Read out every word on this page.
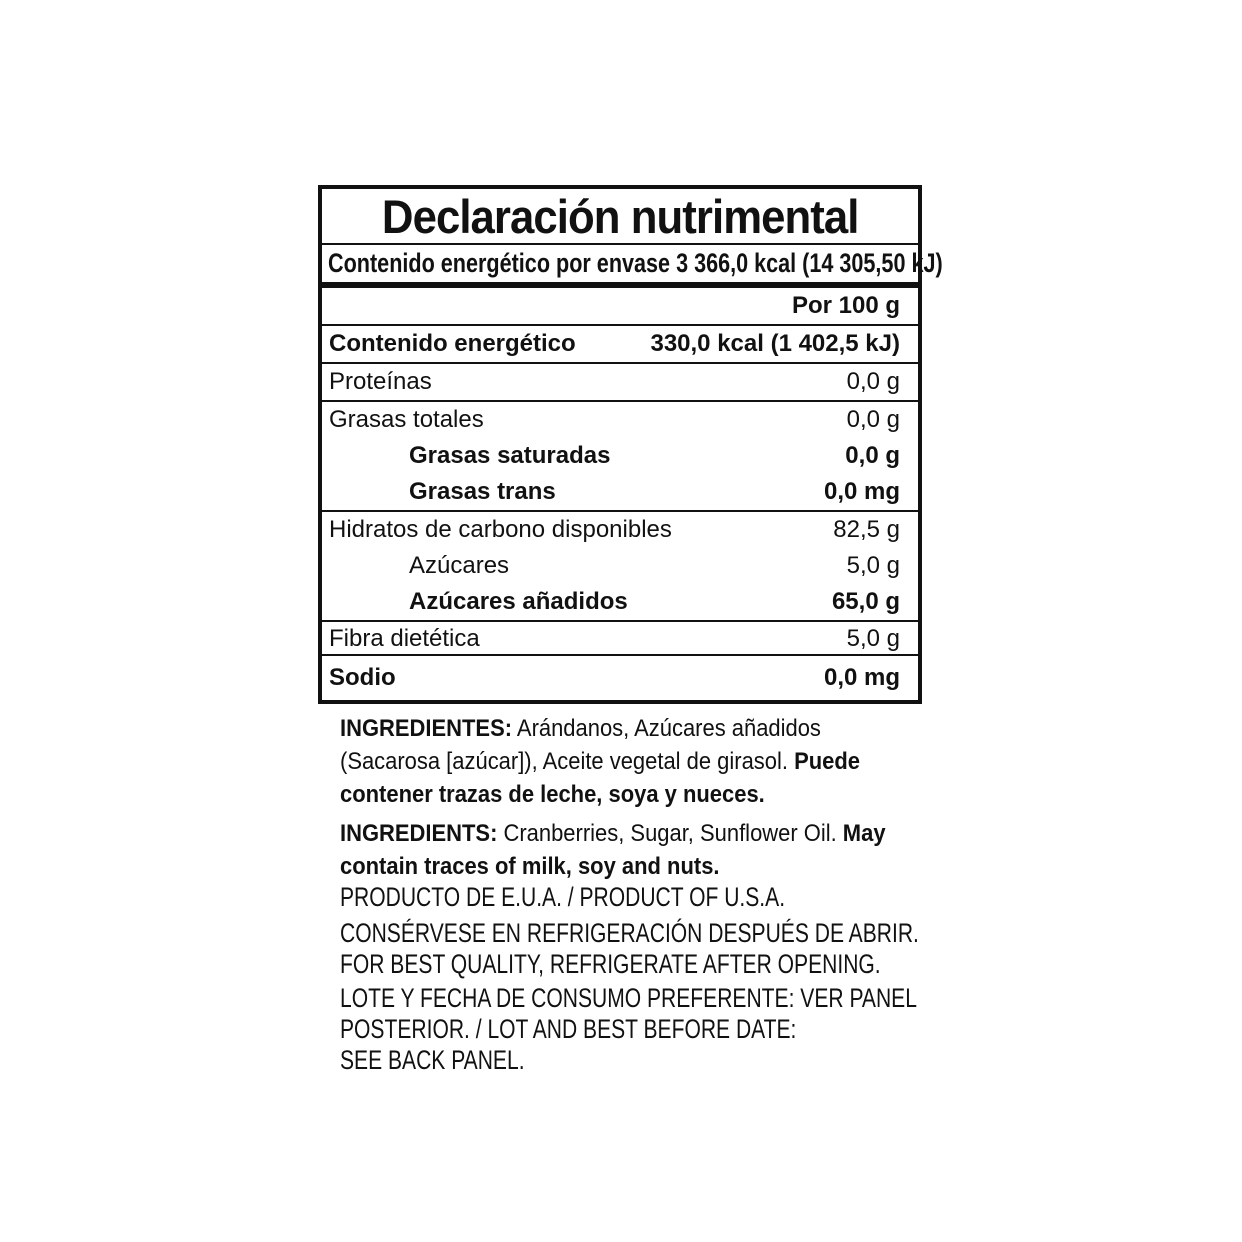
Declaración nutrimental
Contenido energético por envase 3 366,0 kcal (14 305,50 kJ)
Por 100 g
Contenido energético	330,0 kcal (1 402,5 kJ)
Proteínas	0,0 g
Grasas totales	0,0 g
Grasas saturadas	0,0 g
Grasas trans	0,0 mg
Hidratos de carbono disponibles	82,5 g
Azúcares	5,0 g
Azúcares añadidos	65,0 g
Fibra dietética	5,0 g
Sodio	0,0 mg

INGREDIENTES: Arándanos, Azúcares añadidos (Sacarosa [azúcar]), Aceite vegetal de girasol. Puede contener trazas de leche, soya y nueces.

INGREDIENTS: Cranberries, Sugar, Sunflower Oil. May contain traces of milk, soy and nuts.

PRODUCTO DE E.U.A. / PRODUCT OF U.S.A.
CONSÉRVESE EN REFRIGERACIÓN DESPUÉS DE ABRIR.
FOR BEST QUALITY, REFRIGERATE AFTER OPENING.
LOTE Y FECHA DE CONSUMO PREFERENTE: VER PANEL
POSTERIOR. / LOT AND BEST BEFORE DATE:
SEE BACK PANEL.
